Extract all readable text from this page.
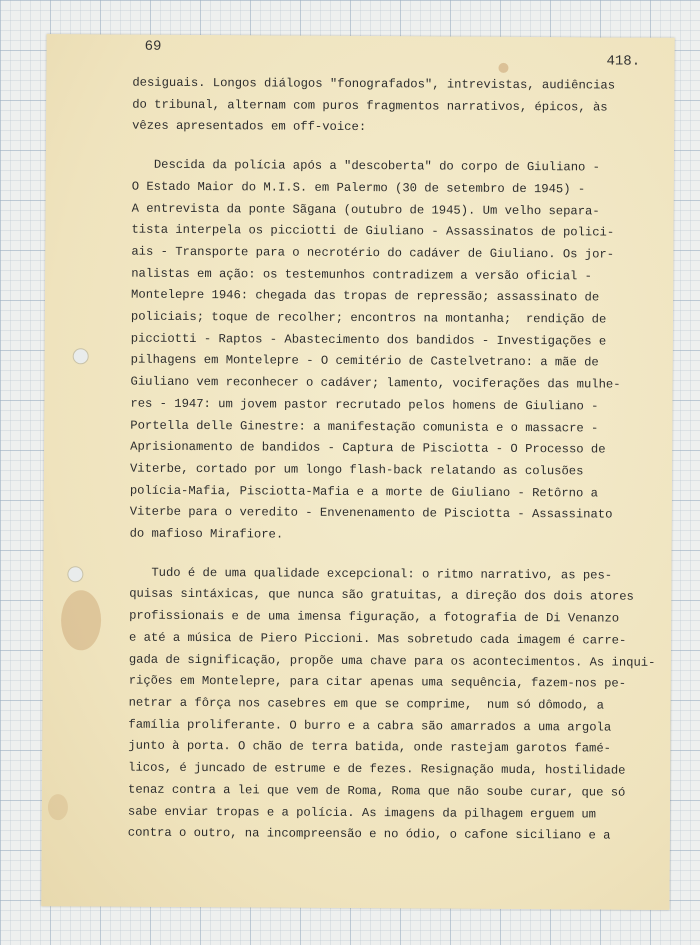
69
418.
desiguais. Longos diálogos "fonografados", intrevistas, audiências
do tribunal, alternam com puros fragmentos narrativos, épicos, às
vêzes apresentados em off-voice:
Descida da polícia após a "descoberta" do corpo de Giuliano -
O Estado Maior do M.I.S. em Palermo (30 de setembro de 1945) -
A entrevista da ponte Sãgana (outubro de 1945). Um velho separa-
tista interpela os picciotti de Giuliano - Assassinatos de polici-
ais - Transporte para o necrotério do cadáver de Giuliano. Os jor-
nalistas em ação: os testemunhos contradizem a versão oficial -
Montelepre 1946: chegada das tropas de repressão; assassinato de
policiais; toque de recolher; encontros na montanha;  rendição de
picciotti - Raptos - Abastecimento dos bandidos - Investigações e
pilhagens em Montelepre - O cemitério de Castelvetrano: a mãe de
Giuliano vem reconhecer o cadáver; lamento, vociferações das mulhe-
res - 1947: um jovem pastor recrutado pelos homens de Giuliano -
Portella delle Ginestre: a manifestação comunista e o massacre -
Aprisionamento de bandidos - Captura de Pisciotta - O Processo de
Viterbe, cortado por um longo flash-back relatando as colusões
polícia-Mafia, Pisciotta-Mafia e a morte de Giuliano - Retôrno a
Viterbe para o veredito - Envenenamento de Pisciotta - Assassinato
do mafioso Mirafiore.
Tudo é de uma qualidade excepcional: o ritmo narrativo, as pes-
quisas sintáxicas, que nunca são gratuitas, a direção dos dois atores
profissionais e de uma imensa figuração, a fotografia de Di Venanzo
e até a música de Piero Piccioni. Mas sobretudo cada imagem é carre-
gada de significação, propõe uma chave para os acontecimentos. As inqui-
rições em Montelepre, para citar apenas uma sequência, fazem-nos pe-
netrar a fôrça nos casebres em que se comprime,  num só dômodo, a
família proliferante. O burro e a cabra são amarrados a uma argola
junto à porta. O chão de terra batida, onde rastejam garotos famé-
licos, é juncado de estrume e de fezes. Resignação muda, hostilidade
tenaz contra a lei que vem de Roma, Roma que não soube curar, que só
sabe enviar tropas e a polícia. As imagens da pilhagem erguem um
contra o outro, na incompreensão e no ódio, o cafone siciliano e a
